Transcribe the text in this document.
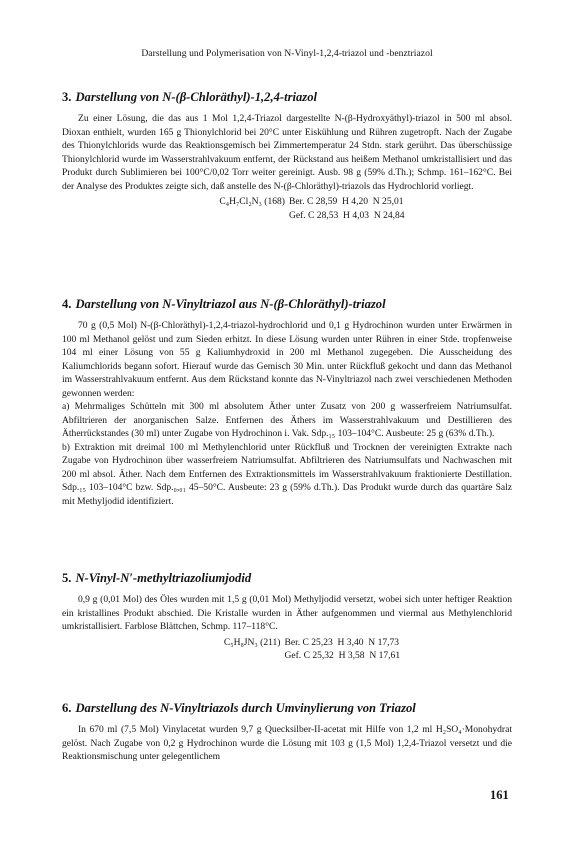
Darstellung und Polymerisation von N-Vinyl-1,2,4-triazol und -benztriazol
3. Darstellung von N-(β-Chloräthyl)-1,2,4-triazol

Zu einer Lösung, die das aus 1 Mol 1,2,4-Triazol dargestellte N-(β-Hydroxyäthyl)-triazol in 500 ml absol. Dioxan enthielt, wurden 165 g Thionylchlorid bei 20°C unter Eiskühlung und Rühren zugetropft. Nach der Zugabe des Thionylchlorids wurde das Reaktionsgemisch bei Zimmertemperatur 24 Stdn. stark gerührt. Das überschüssige Thionylchlorid wurde im Wasserstrahlvakuum entfernt, der Rückstand aus heißem Methanol umkristallisiert und das Produkt durch Sublimieren bei 100°C/0,02 Torr weiter gereinigt. Ausb. 98 g (59% d.Th.); Schmp. 161–162°C. Bei der Analyse des Produktes zeigte sich, daß anstelle des N-(β-Chloräthyl)-triazols das Hydrochlorid vorliegt.

C₄H₇Cl₂N₃ (168) Ber. C 28,59  H 4,20  N 25,01
Gef. C 28,53  H 4,03  N 24,84
4. Darstellung von N-Vinyltriazol aus N-(β-Chloräthyl)-triazol

70 g (0,5 Mol) N-(β-Chloräthyl)-1,2,4-triazol-hydrochlorid und 0,1 g Hydrochinon wurden unter Erwärmen in 100 ml Methanol gelöst und zum Sieden erhitzt. In diese Lösung wurden unter Rühren in einer Stde. tropfenweise 104 ml einer Lösung von 55 g Kaliumhydroxid in 200 ml Methanol zugegeben. Die Ausscheidung des Kaliumchlorids begann sofort. Hierauf wurde das Gemisch 30 Min. unter Rückfluß gekocht und dann das Methanol im Wasserstrahlvakuum entfernt. Aus dem Rückstand konnte das N-Vinyltriazol nach zwei verschiedenen Methoden gewonnen werden:

a) Mehrmaliges Schütteln mit 300 ml absolutem Äther unter Zusatz von 200 g wasserfreiem Natriumsulfat. Abfiltrieren der anorganischen Salze. Entfernen des Äthers im Wasserstrahlvakuum und Destillieren des Ätherrückstandes (30 ml) unter Zugabe von Hydrochinon i. Vak. Sdp.₁₅ 103–104°C. Ausbeute: 25 g (63% d.Th.).

b) Extraktion mit dreimal 100 ml Methylenchlorid unter Rückfluß und Trocknen der vereinigten Extrakte nach Zugabe von Hydrochinon über wasserfreiem Natriumsulfat. Abfiltrieren des Natriumsulfats und Nachwaschen mit 200 ml absol. Äther. Nach dem Entfernen des Extraktionsmittels im Wasserstrahlvakuum fraktionierte Destillation. Sdp.₁₅ 103–104°C bzw. Sdp.₀,₀₁ 45–50°C. Ausbeute: 23 g (59% d.Th.). Das Produkt wurde durch das quartäre Salz mit Methyljodid identifiziert.

5. N-Vinyl-N′-methyltriazoliumjodid

0,9 g (0,01 Mol) des Öles wurden mit 1,5 g (0,01 Mol) Methyljodid versetzt, wobei sich unter heftiger Reaktion ein kristallines Produkt abschied. Die Kristalle wurden in Äther aufgenommen und viermal aus Methylenchlorid umkristallisiert. Farblose Blättchen, Schmp. 117–118°C.

C₅H₈JN₃ (211) Ber. C 25,23  H 3,40  N 17,73
Gef. C 25,32  H 3,58  N 17,61
6. Darstellung des N-Vinyltriazols durch Umvinylierung von Triazol

In 670 ml (7,5 Mol) Vinylacetat wurden 9,7 g Quecksilber-II-acetat mit Hilfe von 1,2 ml H₂SO₄·Monohydrat gelöst. Nach Zugabe von 0,2 g Hydrochinon wurde die Lösung mit 103 g (1,5 Mol) 1,2,4-Triazol versetzt und die Reaktionsmischung unter gelegentlichem

161
